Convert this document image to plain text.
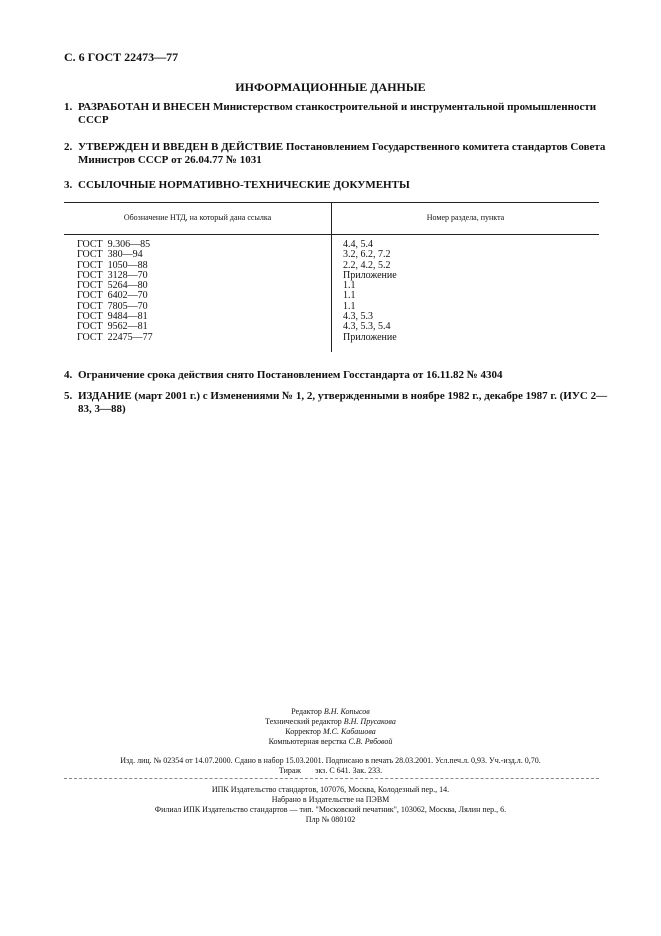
С. 6 ГОСТ 22473—77
ИНФОРМАЦИОННЫЕ ДАННЫЕ
1. РАЗРАБОТАН И ВНЕСЕН Министерством станкостроительной и инструментальной промышленности СССР
2. УТВЕРЖДЕН И ВВЕДЕН В ДЕЙСТВИЕ Постановлением Государственного комитета стандартов Совета Министров СССР от 26.04.77 № 1031
3. ССЫЛОЧНЫЕ НОРМАТИВНО-ТЕХНИЧЕСКИЕ ДОКУМЕНТЫ
Обозначение НТД, на который дана ссылка	Номер раздела, пункта
ГОСТ  9.306—85
ГОСТ  380—94
ГОСТ  1050—88
ГОСТ  3128—70
ГОСТ  5264—80
ГОСТ  6402—70
ГОСТ  7805—70
ГОСТ  9484—81
ГОСТ  9562—81
ГОСТ  22475—77
4.4, 5.4
3.2, 6.2, 7.2
2.2, 4.2, 5.2
Приложение
1.1
1.1
1.1
4.3, 5.3
4.3, 5.3, 5.4
Приложение
4. Ограничение срока действия снято Постановлением Госстандарта от 16.11.82 № 4304
5. ИЗДАНИЕ (март 2001 г.) с Изменениями № 1, 2, утвержденными в ноябре 1982 г., декабре 1987 г. (ИУС 2—83, 3—88)
Редактор В.Н. Копысов
Технический редактор В.Н. Прусакова
Корректор М.С. Кабашова
Компьютерная верстка С.В. Рябовой
Изд. лиц. № 02354 от 14.07.2000. Сдано в набор 15.03.2001. Подписано в печать 28.03.2001. Усл.печ.л. 0,93. Уч.-изд.л. 0,70.
Тираж       экз. С 641. Зак. 233.
ИПК Издательство стандартов, 107076, Москва, Колодезный пер., 14.
Набрано в Издательстве на ПЭВМ
Филиал ИПК Издательство стандартов — тип. "Московский печатник", 103062, Москва, Лялин пер., 6.
Плр № 080102
